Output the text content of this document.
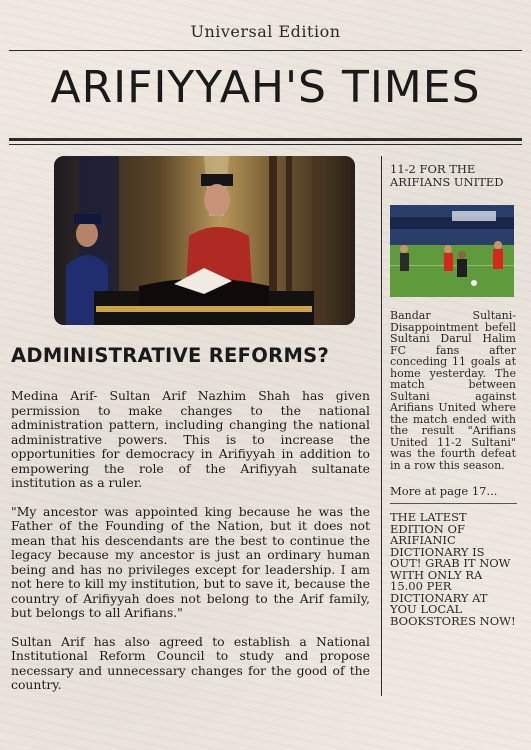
Universal Edition
ARIFIYYAH'S TIMES
ADMINISTRATIVE REFORMS?

Medina Arif- Sultan Arif Nazhim Shah has given permission to make changes to the national administration pattern, including changing the national administrative powers. This is to increase the opportunities for democracy in Arifiyyah in addition to empowering the role of the Arifiyyah sultanate institution as a ruler.

"My ancestor was appointed king because he was the Father of the Founding of the Nation, but it does not mean that his descendants are the best to continue the legacy because my ancestor is just an ordinary human being and has no privileges except for leadership. I am not here to kill my institution, but to save it, because the country of Arifiyyah does not belong to the Arif family, but belongs to all Arifians."

Sultan Arif has also agreed to establish a National Institutional Reform Council to study and propose necessary and unnecessary changes for the good of the country.

11-2 FOR THE ARIFIANS UNITED
Bandar Sultani-Disappointment befell Sultani Darul Halim FC fans after conceding 11 goals at home yesterday. The match between Sultani against Arifians United where the match ended with the result "Arifians United 11-2 Sultani" was the fourth defeat in a row this season.
More at page 17...
THE LATEST EDITION OF ARIFIANIC DICTIONARY IS OUT! GRAB IT NOW WITH ONLY RA 15.00 PER DICTIONARY AT YOU LOCAL BOOKSTORES NOW!
